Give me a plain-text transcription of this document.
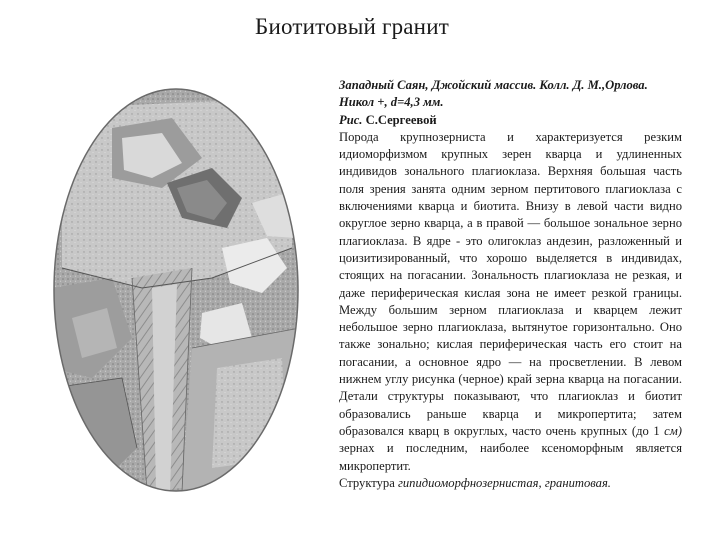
Биотитовый гранит
Западный Саян, Джойский массив. Колл. Д. М.,Орлова. Никол +, d=4,3 мм.
Рис. С.Сергеевой
Порода крупнозерниста и характеризуется резким идиоморфизмом крупных зерен кварца и удлиненных индивидов зонального плагиоклаза. Верхняя большая часть поля зрения занята одним зерном пертитового плагиоклаза с включениями кварца и биотита. Внизу в левой части видно округлое зерно кварца, а в правой — большое зональное зерно плагиоклаза. В ядре - это олигоклаз андезин, разложенный и цоизитизированный, что хорошо выделяется в индивидах, стоящих на погасании. Зональность плагиоклаза не резкая, и даже периферическая кислая зона не имеет резкой границы. Между большим зерном плагиоклаза и кварцем лежит небольшое зерно плагиоклаза, вытянутое горизонтально. Оно также зонально; кислая периферическая часть его стоит на погасании, а основное ядро — на просветлении. В левом нижнем углу рисунка (черное) край зерна кварца на погасании. Детали структуры показывают, что плагиоклаз и биотит образовались раньше кварца и микропертита; затем образовался кварц в округлых, часто очень крупных (до 1 см) зернах и последним, наиболее ксеноморфным является микропертит.
Структура гипидиоморфнозернистая, гранитовая.
